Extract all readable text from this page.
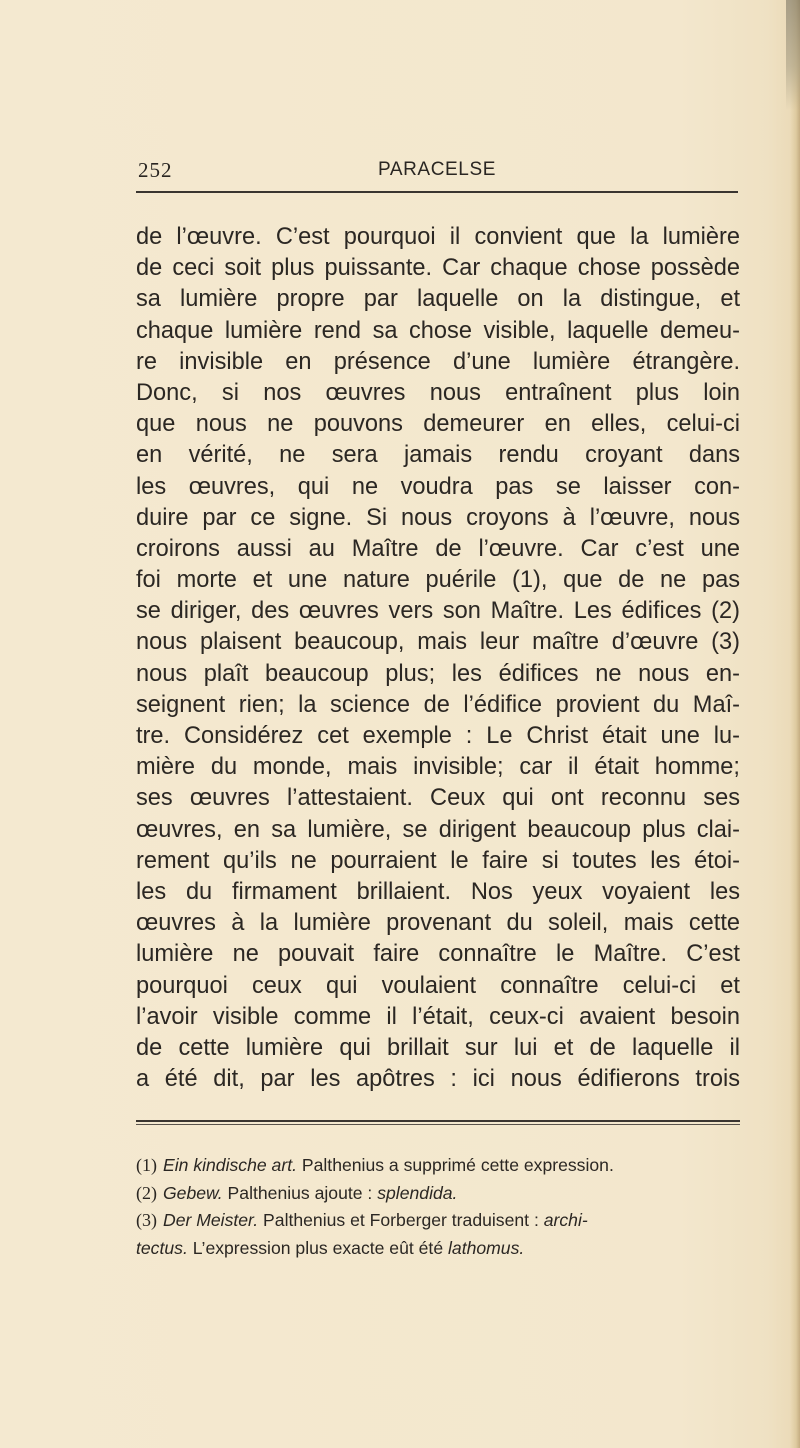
252	PARACELSE
de l’œuvre. C’est pourquoi il convient que la lumière
de ceci soit plus puissante. Car chaque chose possède
sa lumière propre par laquelle on la distingue, et
chaque lumière rend sa chose visible, laquelle demeu-
re invisible en présence d’une lumière étrangère.
Donc, si nos œuvres nous entraînent plus loin
que nous ne pouvons demeurer en elles, celui-ci
en vérité, ne sera jamais rendu croyant dans
les œuvres, qui ne voudra pas se laisser con-
duire par ce signe. Si nous croyons à l’œuvre, nous
croirons aussi au Maître de l’œuvre. Car c’est une
foi morte et une nature puérile (1), que de ne pas
se diriger, des œuvres vers son Maître. Les édifices (2)
nous plaisent beaucoup, mais leur maître d’œuvre (3)
nous plaît beaucoup plus; les édifices ne nous en-
seignent rien; la science de l’édifice provient du Maî-
tre. Considérez cet exemple : Le Christ était une lu-
mière du monde, mais invisible; car il était homme;
ses œuvres l’attestaient. Ceux qui ont reconnu ses
œuvres, en sa lumière, se dirigent beaucoup plus clai-
rement qu’ils ne pourraient le faire si toutes les étoi-
les du firmament brillaient. Nos yeux voyaient les
œuvres à la lumière provenant du soleil, mais cette
lumière ne pouvait faire connaître le Maître. C’est
pourquoi ceux qui voulaient connaître celui-ci et
l’avoir visible comme il l’était, ceux-ci avaient besoin
de cette lumière qui brillait sur lui et de laquelle il
a été dit, par les apôtres : ici nous édifierons trois
(1) Ein kindische art. Palthenius a supprimé cette expression.
(2) Gebew. Palthenius ajoute : splendida.
(3) Der Meister. Palthenius et Forberger traduisent : archi-
tectus. L’expression plus exacte eût été lathomus.
